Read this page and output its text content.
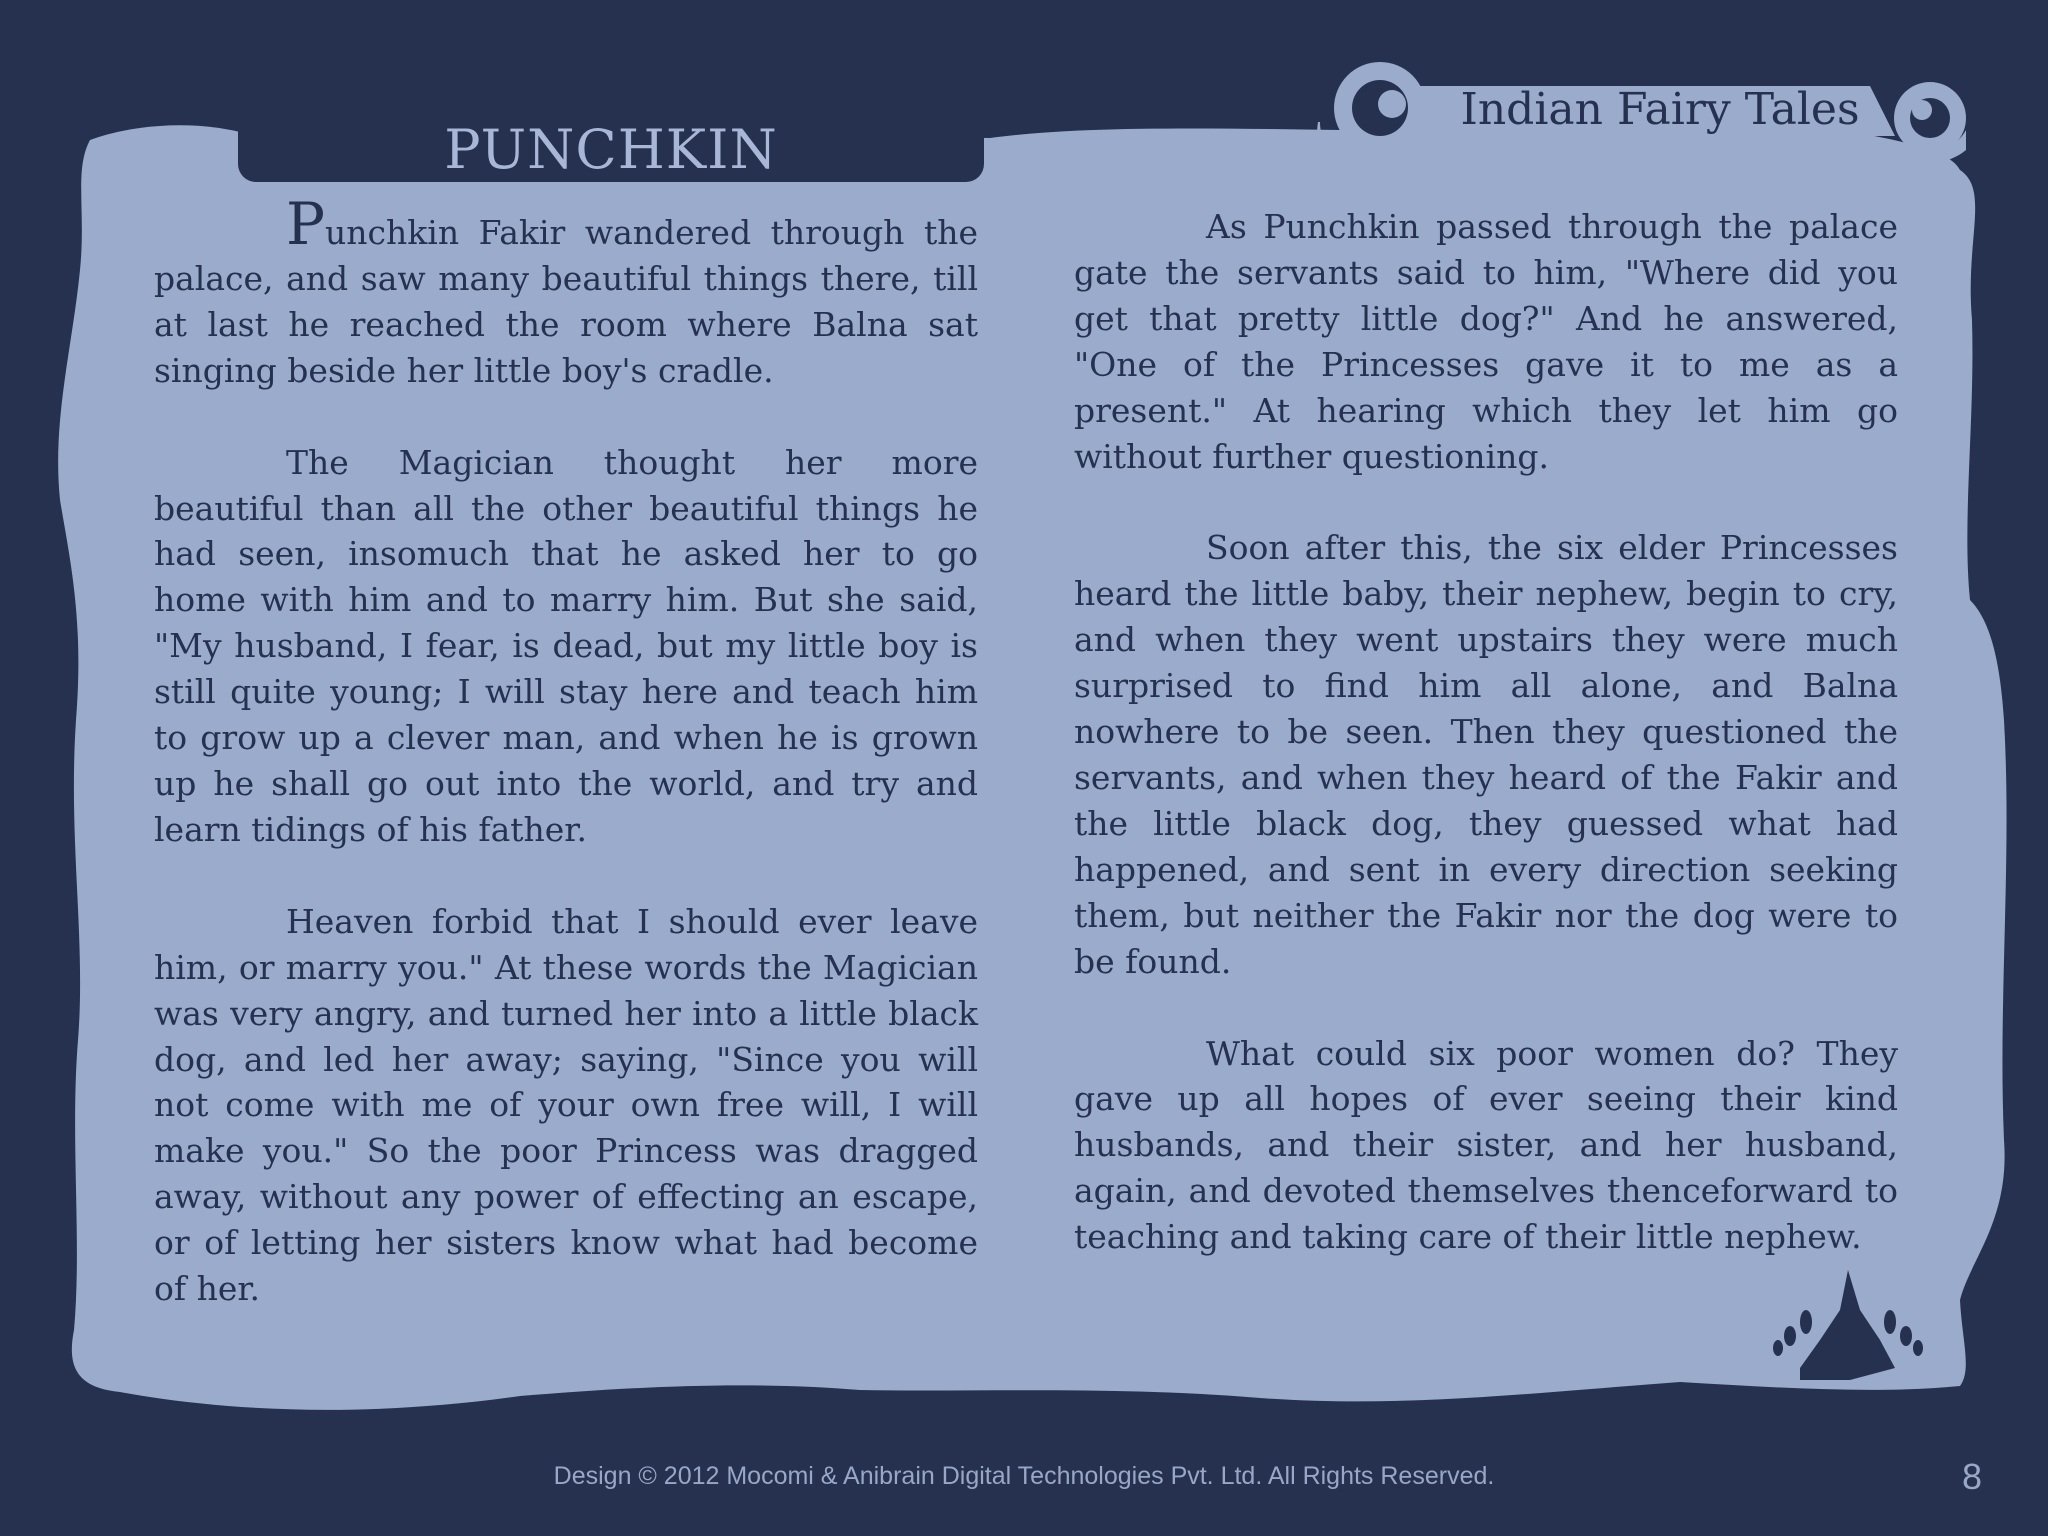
PUNCHKIN
Indian Fairy Tales

Punchkin Fakir wandered through the palace, and saw many beautiful things there, till at last he reached the room where Balna sat singing beside her little boy's cradle.

The Magician thought her more beautiful than all the other beautiful things he had seen, insomuch that he asked her to go home with him and to marry him. But she said, "My husband, I fear, is dead, but my little boy is still quite young; I will stay here and teach him to grow up a clever man, and when he is grown up he shall go out into the world, and try and learn tidings of his father.

Heaven forbid that I should ever leave him, or marry you." At these words the Magician was very angry, and turned her into a little black dog, and led her away; saying, "Since you will not come with me of your own free will, I will make you." So the poor Princess was dragged away, without any power of effecting an escape, or of letting her sisters know what had become of her.

As Punchkin passed through the palace gate the servants said to him, "Where did you get that pretty little dog?" And he answered, "One of the Princesses gave it to me as a present." At hearing which they let him go without further questioning.

Soon after this, the six elder Princesses heard the little baby, their nephew, begin to cry, and when they went upstairs they were much surprised to find him all alone, and Balna nowhere to be seen. Then they questioned the servants, and when they heard of the Fakir and the little black dog, they guessed what had happened, and sent in every direction seeking them, but neither the Fakir nor the dog were to be found.

What could six poor women do? They gave up all hopes of ever seeing their kind husbands, and their sister, and her husband, again, and devoted themselves thenceforward to teaching and taking care of their little nephew.

Design © 2012 Mocomi & Anibrain Digital Technologies Pvt. Ltd. All Rights Reserved.	8
